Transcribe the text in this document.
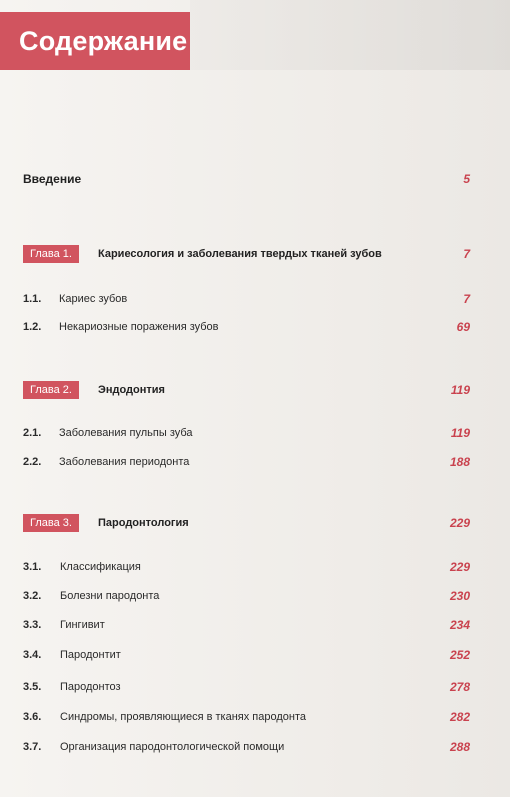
Содержание
Введение	5
Глава 1.	Кариесология и заболевания твердых тканей зубов	7
1.1. Кариес зубов	7
1.2. Некариозные поражения зубов	69
Глава 2.	Эндодонтия	119
2.1. Заболевания пульпы зуба	119
2.2. Заболевания периодонта	188
Глава 3.	Пародонтология	229
3.1. Классификация	229
3.2. Болезни пародонта	230
3.3. Гингивит	234
3.4. Пародонтит	252
3.5. Пародонтоз	278
3.6. Синдромы, проявляющиеся в тканях пародонта	282
3.7. Организация пародонтологической помощи	288
